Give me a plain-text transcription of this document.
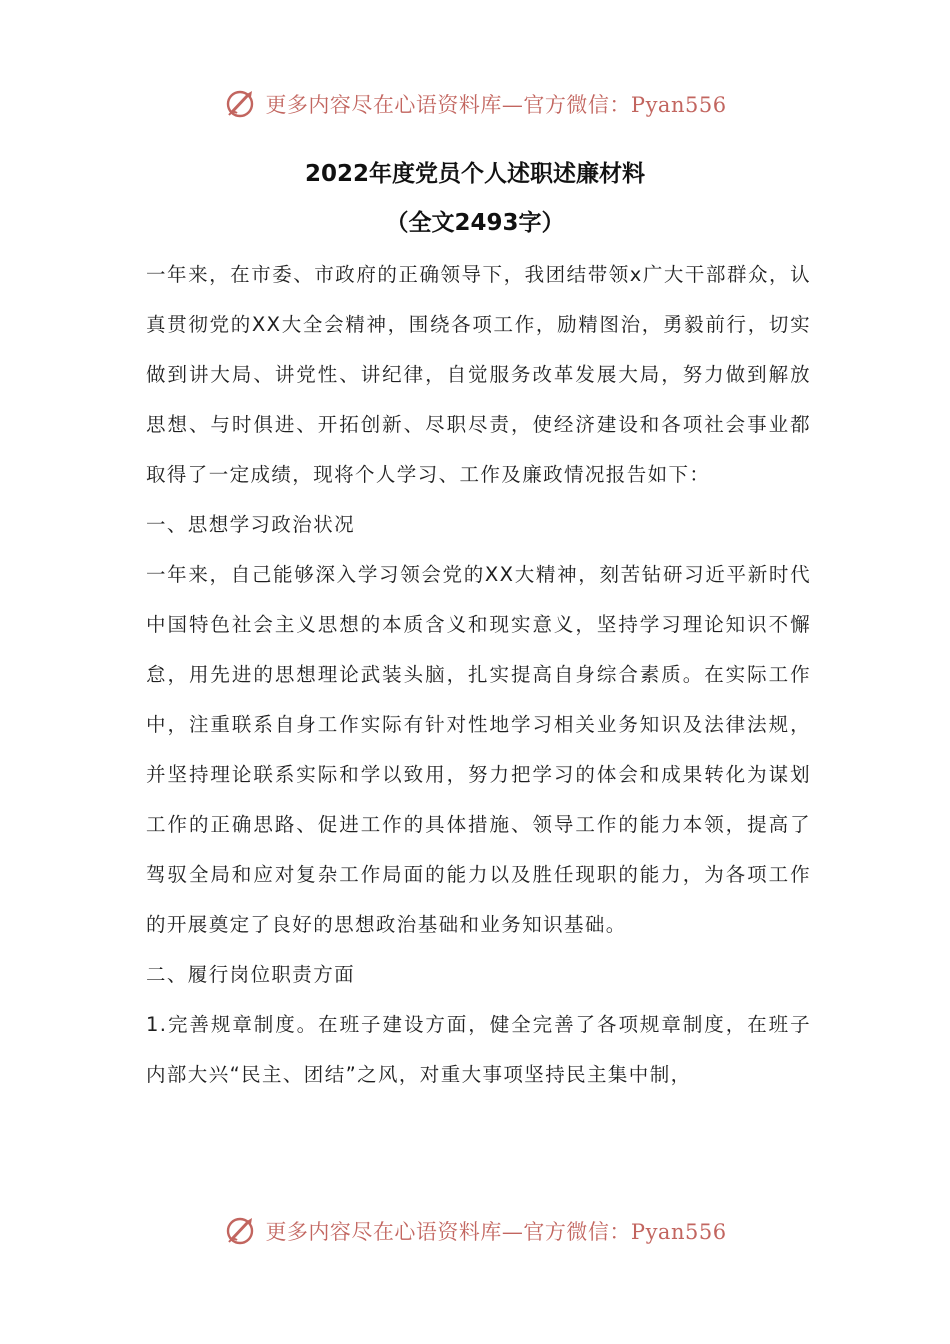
更多内容尽在心语资料库—官方微信：Pyan556
2022年度党员个人述职述廉材料
（全文2493字）

一年来，在市委、市政府的正确领导下，我团结带领x广大干部群众，认真贯彻党的XX大全会精神，围绕各项工作，励精图治，勇毅前行，切实做到讲大局、讲党性、讲纪律，自觉服务改革发展大局，努力做到解放思想、与时俱进、开拓创新、尽职尽责，使经济建设和各项社会事业都取得了一定成绩，现将个人学习、工作及廉政情况报告如下：

一、思想学习政治状况

一年来，自己能够深入学习领会党的XX大精神，刻苦钻研习近平新时代中国特色社会主义思想的本质含义和现实意义，坚持学习理论知识不懈怠，用先进的思想理论武装头脑，扎实提高自身综合素质。在实际工作中，注重联系自身工作实际有针对性地学习相关业务知识及法律法规，并坚持理论联系实际和学以致用，努力把学习的体会和成果转化为谋划工作的正确思路、促进工作的具体措施、领导工作的能力本领，提高了驾驭全局和应对复杂工作局面的能力以及胜任现职的能力，为各项工作的开展奠定了良好的思想政治基础和业务知识基础。

二、履行岗位职责方面

1.完善规章制度。在班子建设方面，健全完善了各项规章制度，在班子内部大兴“民主、团结”之风，对重大事项坚持民主集中制，

更多内容尽在心语资料库—官方微信：Pyan556
